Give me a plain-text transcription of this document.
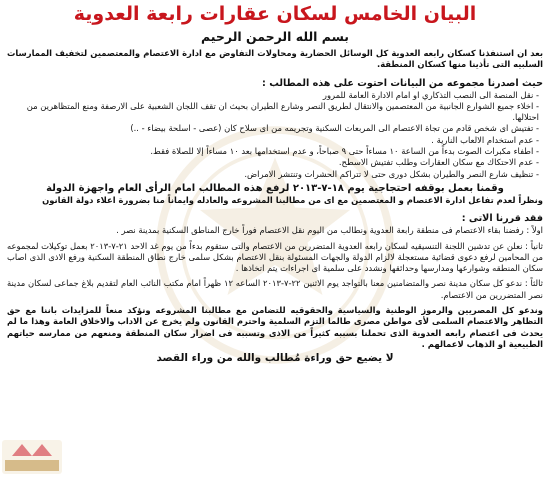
البيان الخامس لسكان عقارات رابعة العدوية
بسم الله الرحمن الرحيم

بعد ان استنفذنا كسكان رابعه العدوية كل الوسائل الحضارية ومحاولات التفاوض مع ادارة الاعتصام والمعتصمين لتخفيف الممارسات السلبيه التى تأذينا منها كسكان المنطقة.

حيث اصدرنا مجموعه من البيانات احتوت على هذه المطالب :

- نقل المنصة الى النصب التذكاري او امام الادارة العامة للمرور
- اخلاء جميع الشوارع الجانبية من المعتصمين والانتقال لطريق النصر وشارع الطيران بحيث ان تقف اللجان الشعبية على الارصفة ومنع المتظاهرين من احتلالها.
- تفتيش اى شخص قادم من تجاة الاعتصام الى المربعات السكنية وتجريمه من اى سلاح كان (عصى - اسلحة بيضاء - ..)
- عدم استخدام الالعاب النارية .
- اطفاء مكبرات الصوت بدءاً من الساعة ١٠ مساءاً حتى ٩ صباحاً، و عدم استخدامها بعد ١٠ مساءاً إلا للصلاة فقط.
- عدم الاحتكاك مع سكان العقارات وطلب تفتيش الاسطح.
- تنظيف شارع النصر والطيران بشكل دورى حتى لا تتراكم الحشرات وتنتشر الامراض.

وقمنا بعمل بوقفه احتجاجية يوم ١٨-٧-٢٠١٣ لرفع هذه المطالب امام الرأى العام واجهزة الدولة

ونظراً لعدم تفاعل ادارة الاعتصام و المعتصمين مع اى من مطالبنا المشروعه والعادله وايماناً منا بضرورة اعلاء دولة القانون

فقد قررنا الاتى :

اولاً : رفضنا بقاء الاعتصام فى منطقة رابعة العدوية ونطالب من اليوم نقل الاعتصام فوراً خارج المناطق السكنية بمدينة نصر .

ثانياً : نعلن عن تدشين اللجنة التنسيقيه لسكان رابعه العدوية المتضررين من الاعتصام والتى ستقوم بدءاً من يوم غد الاحد ٢١-٧-٢٠١٣ بعمل توكيلات لمجموعه من المحامين لرفع دعوى قضائية مستعجلة لالزام الدولة والجهات المسئولة بنقل الاعتصام بشكل سلمى خارج نطاق المنطقة السكنية ورفع الاذى الذى اصاب سكان المنطقه وشوارعها ومدارسها وحدائقها ونشدد على سلمية اى اجراءات يتم اتخاذها .

ثالثاً : ندعو كل سكان مدينة نصر والمتضامنين معنا بالتواجد يوم الاثنين ٢٢-٧-٢٠١٣ الساعه ١٢ ظهراً امام مكتب النائب العام لتقديم بلاغ جماعى لسكان مدينة نصر المتضررين من الاعتصام.

وندعو كل المصريين والرموز الوطنية والسياسية والحقوقيه للتضامن مع مطالبنا المشروعه ونؤكد منعاً للمزايدات باننا مع حق التظاهر والاعتصام السلمى لأى مواطن مصرى طالما التزم السلمية واحترم القانون ولم يخرج عن الاداب والاخلاق العامة وهذا ما لم يحدث فى اعتصام رابعه العدوية الذى تحملنا بسببه كثيراً من الاذى وتسببه فى اضرار سكان المنطقة ومنعهم من ممارسه حياتهم الطبيعية او الذهاب لاعمالهم .

لا يضيع حق وراءة مُطالب والله من وراء القصد
